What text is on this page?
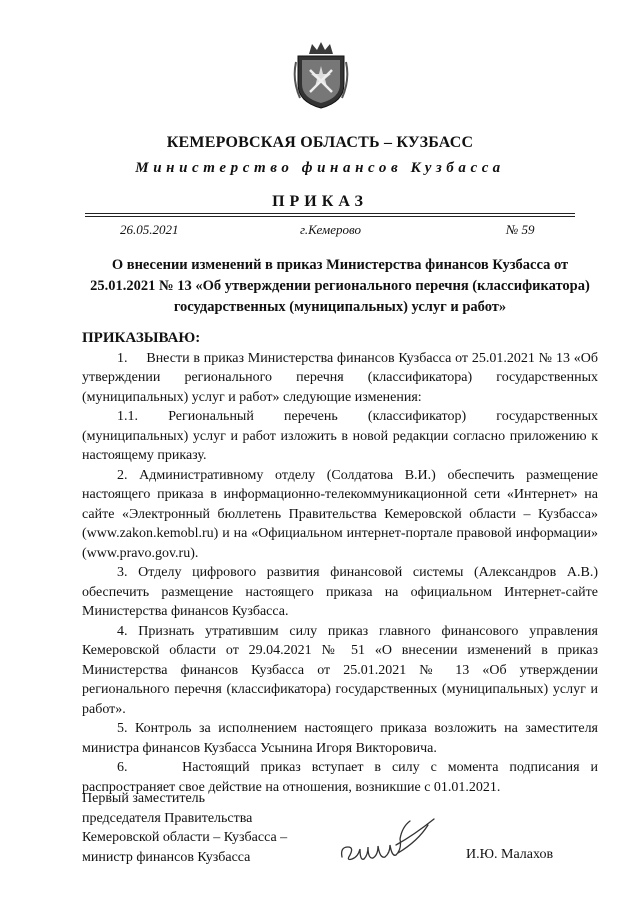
КЕМЕРОВСКАЯ ОБЛАСТЬ – КУЗБАСС
Министерство финансов Кузбасса
ПРИКАЗ
26.05.2021	г.Кемерово	№ 59
О внесении изменений в приказ Министерства финансов Кузбасса от 25.01.2021 № 13 «Об утверждении регионального перечня (классификатора) государственных (муниципальных) услуг и работ»

ПРИКАЗЫВАЮ:

1.     Внести в приказ Министерства финансов Кузбасса от 25.01.2021 № 13 «Об утверждении регионального перечня (классификатора) государственных (муниципальных) услуг и работ» следующие изменения:

1.1. Региональный перечень (классификатор) государственных (муниципальных) услуг и работ изложить в новой редакции согласно приложению к настоящему приказу.

2. Административному отделу (Солдатова В.И.) обеспечить размещение настоящего приказа в информационно-телекоммуникационной сети «Интернет» на сайте «Электронный бюллетень Правительства Кемеровской области – Кузбасса» (www.zakon.kemobl.ru) и на «Официальном интернет-портале правовой информации» (www.pravo.gov.ru).

3. Отделу цифрового развития финансовой системы (Александров А.В.) обеспечить размещение настоящего приказа на официальном Интернет-сайте Министерства финансов Кузбасса.

4. Признать утратившим силу приказ главного финансового управления Кемеровской области от 29.04.2021 № 51 «О внесении изменений в приказ Министерства финансов Кузбасса от 25.01.2021 № 13 «Об утверждении регионального перечня (классификатора) государственных (муниципальных) услуг и работ».

5. Контроль за исполнением настоящего приказа возложить на заместителя министра финансов Кузбасса Усынина Игоря Викторовича.

6.     Настоящий приказ вступает в силу с момента подписания и распространяет свое действие на отношения, возникшие с 01.01.2021.

Первый заместитель
председателя Правительства
Кемеровской области – Кузбасса –
министр финансов Кузбасса	И.Ю. Малахов
